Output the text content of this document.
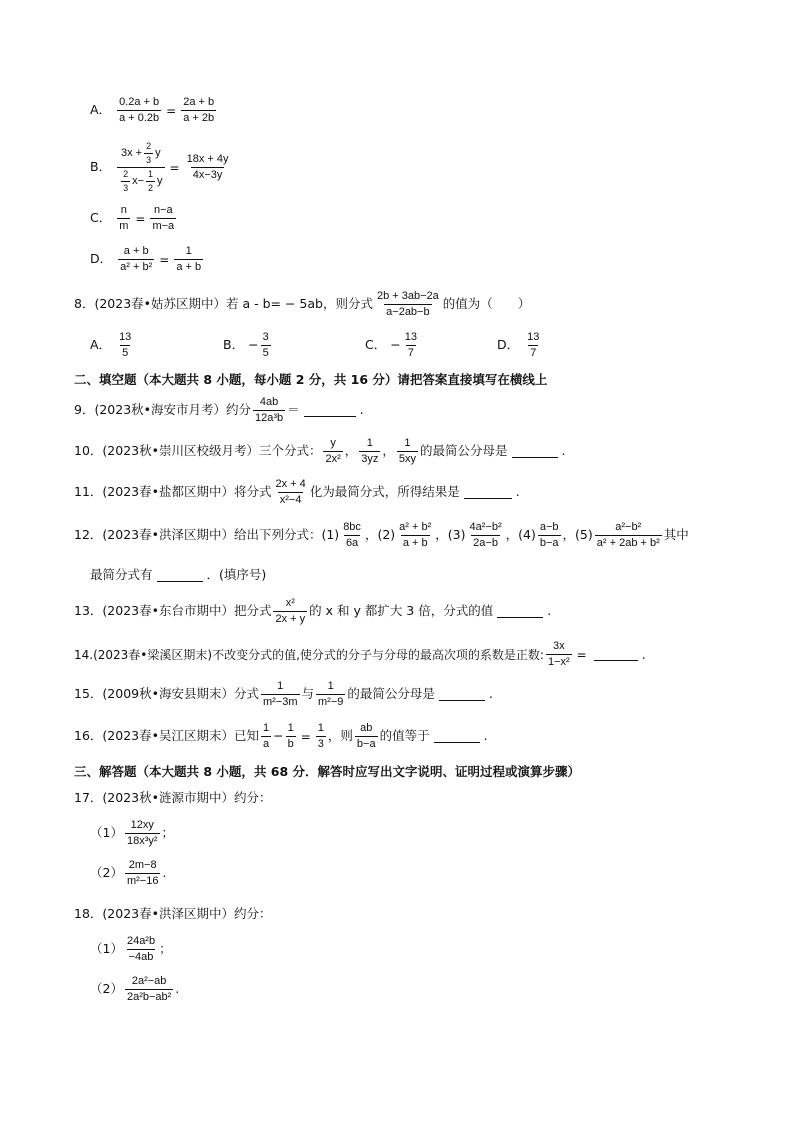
A． $\frac{0.2a + b}{a + 0.2b} = \frac{2a + b}{a + 2b}$
B．
$3x + \frac{2}{3}$ y
$\frac{2}{3} x- \frac{1}{2}$ y
= $\frac{18x + 4y}{4x-3y}$
C． $\frac{n}{m} = \frac{n-a}{m-a}$
D． $\frac{a + b}{\text{a² + b²}} = \frac{1}{a + b}$
8．(2023春•姑苏区期中）若 a - b= − 5ab，则分式 $\frac{2b + 3ab-2a}{a-2ab-b}$ 的值为（　　）
A． $\frac{13}{5}$	B． − $\frac{3}{5}$	C． − $\frac{13}{7}$	D． $\frac{13}{7}$
二、填空题（本大题共 8 小题，每小题 2 分，共 16 分）请把答案直接填写在横线上
9．(2023秋•海安市月考）约分 $\frac{4ab}{\text{12a³b}}$ ＝	.
10．(2023秋•崇川区校级月考）三个分式： $\frac{y}{\text{2x²}}$ ， $\frac{1}{3yz}$ ， $\frac{1}{5xy}$ 的最简公分母是	.
11．(2023春•盐都区期中）将分式 $\frac{2x + 4}{\text{x²−4}}$ 化为最简分式，所得结果是	.
12．(2023春•洪泽区期中）给出下列分式： $(1) \frac{8bc}{6a}$ ， $(2) \frac{\text{a² + b²}}{a + b}$ ， $(3) \frac{\text{4a²−b²}}{2a-b}$ ， $(4) \frac{a-b}{b-a}$ ， $(5) \frac{\text{a²−b²}}{\text{a² + 2ab + b²}}$ 其中
最简分式有	．(填序号)
13．(2023春•东台市期中）把分式 $\frac{\text{x²}}{2x + y}$ 的 x 和 y 都扩大 3 倍，分式的值	.
14.(2023春•梁溪区期末)不改变分式的值,使分式的分子与分母的最高次项的系数是正数: $\frac{3x}{\text{1−x²}}$ =	.
15．(2009秋•海安县期末）分式 $\frac{1}{\text{m²−3m}}$ 与 $\frac{1}{\text{m²−9}}$ 的最简公分母是	.
16．(2023春•吴江区期末）已知 $\frac{1}{a} - \frac{1}{b} = \frac{1}{3}$ ，则 $\frac{ab}{b-a}$ 的值等于	.
三、解答题（本大题共 8 小题，共 68 分．解答时应写出文字说明、证明过程或演算步骤）
17．(2023秋•涟源市期中）约分：
$(1) \frac{12xy}{\text{18x³y²}}$ ；
$(2) \frac{2m-8}{\text{m²−16}}$ .
18．(2023春•洪泽区期中）约分：
$(1) \frac{\text{24a²b}}{-4ab}$ ；
$(2) \frac{\text{2a²−ab}}{\text{2a²b−ab²}}$ .
